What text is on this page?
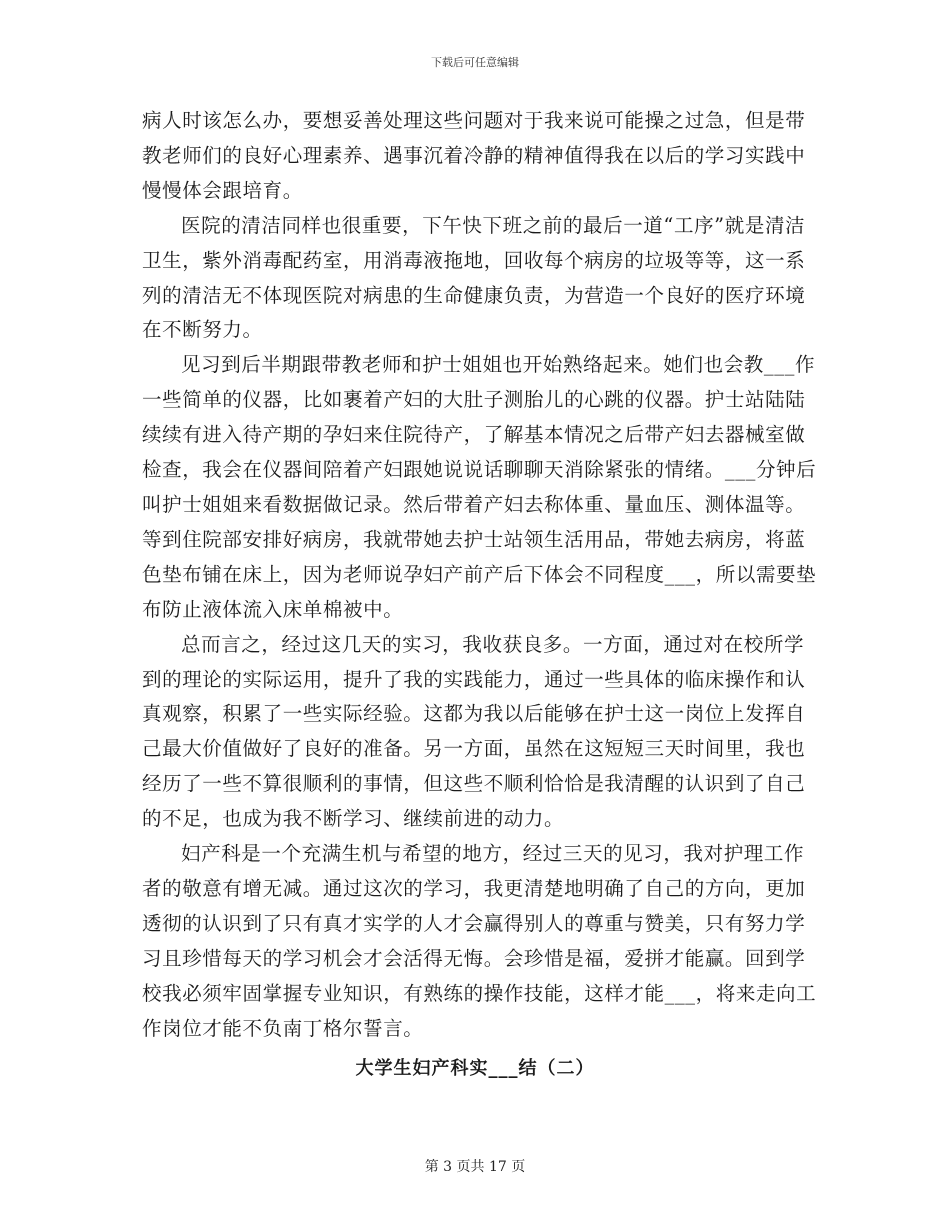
下载后可任意编辑

病人时该怎么办，要想妥善处理这些问题对于我来说可能操之过急，但是带教老师们的良好心理素养、遇事沉着冷静的精神值得我在以后的学习实践中慢慢体会跟培育。

医院的清洁同样也很重要，下午快下班之前的最后一道“工序”就是清洁卫生，紫外消毒配药室，用消毒液拖地，回收每个病房的垃圾等等，这一系列的清洁无不体现医院对病患的生命健康负责，为营造一个良好的医疗环境在不断努力。

见习到后半期跟带教老师和护士姐姐也开始熟络起来。她们也会教___作一些简单的仪器，比如裹着产妇的大肚子测胎儿的心跳的仪器。护士站陆陆续续有进入待产期的孕妇来住院待产，了解基本情况之后带产妇去器械室做检查，我会在仪器间陪着产妇跟她说说话聊聊天消除紧张的情绪。___分钟后叫护士姐姐来看数据做记录。然后带着产妇去称体重、量血压、测体温等。等到住院部安排好病房，我就带她去护士站领生活用品，带她去病房，将蓝色垫布铺在床上，因为老师说孕妇产前产后下体会不同程度___，所以需要垫布防止液体流入床单棉被中。

总而言之，经过这几天的实习，我收获良多。一方面，通过对在校所学到的理论的实际运用，提升了我的实践能力，通过一些具体的临床操作和认真观察，积累了一些实际经验。这都为我以后能够在护士这一岗位上发挥自己最大价值做好了良好的准备。另一方面，虽然在这短短三天时间里，我也经历了一些不算很顺利的事情，但这些不顺利恰恰是我清醒的认识到了自己的不足，也成为我不断学习、继续前进的动力。

妇产科是一个充满生机与希望的地方，经过三天的见习，我对护理工作者的敬意有增无减。通过这次的学习，我更清楚地明确了自己的方向，更加透彻的认识到了只有真才实学的人才会赢得别人的尊重与赞美，只有努力学习且珍惜每天的学习机会才会活得无悔。会珍惜是福，爱拼才能赢。回到学校我必须牢固掌握专业知识，有熟练的操作技能，这样才能___，将来走向工作岗位才能不负南丁格尔誓言。

大学生妇产科实___结（二）
第 3 页共 17 页
